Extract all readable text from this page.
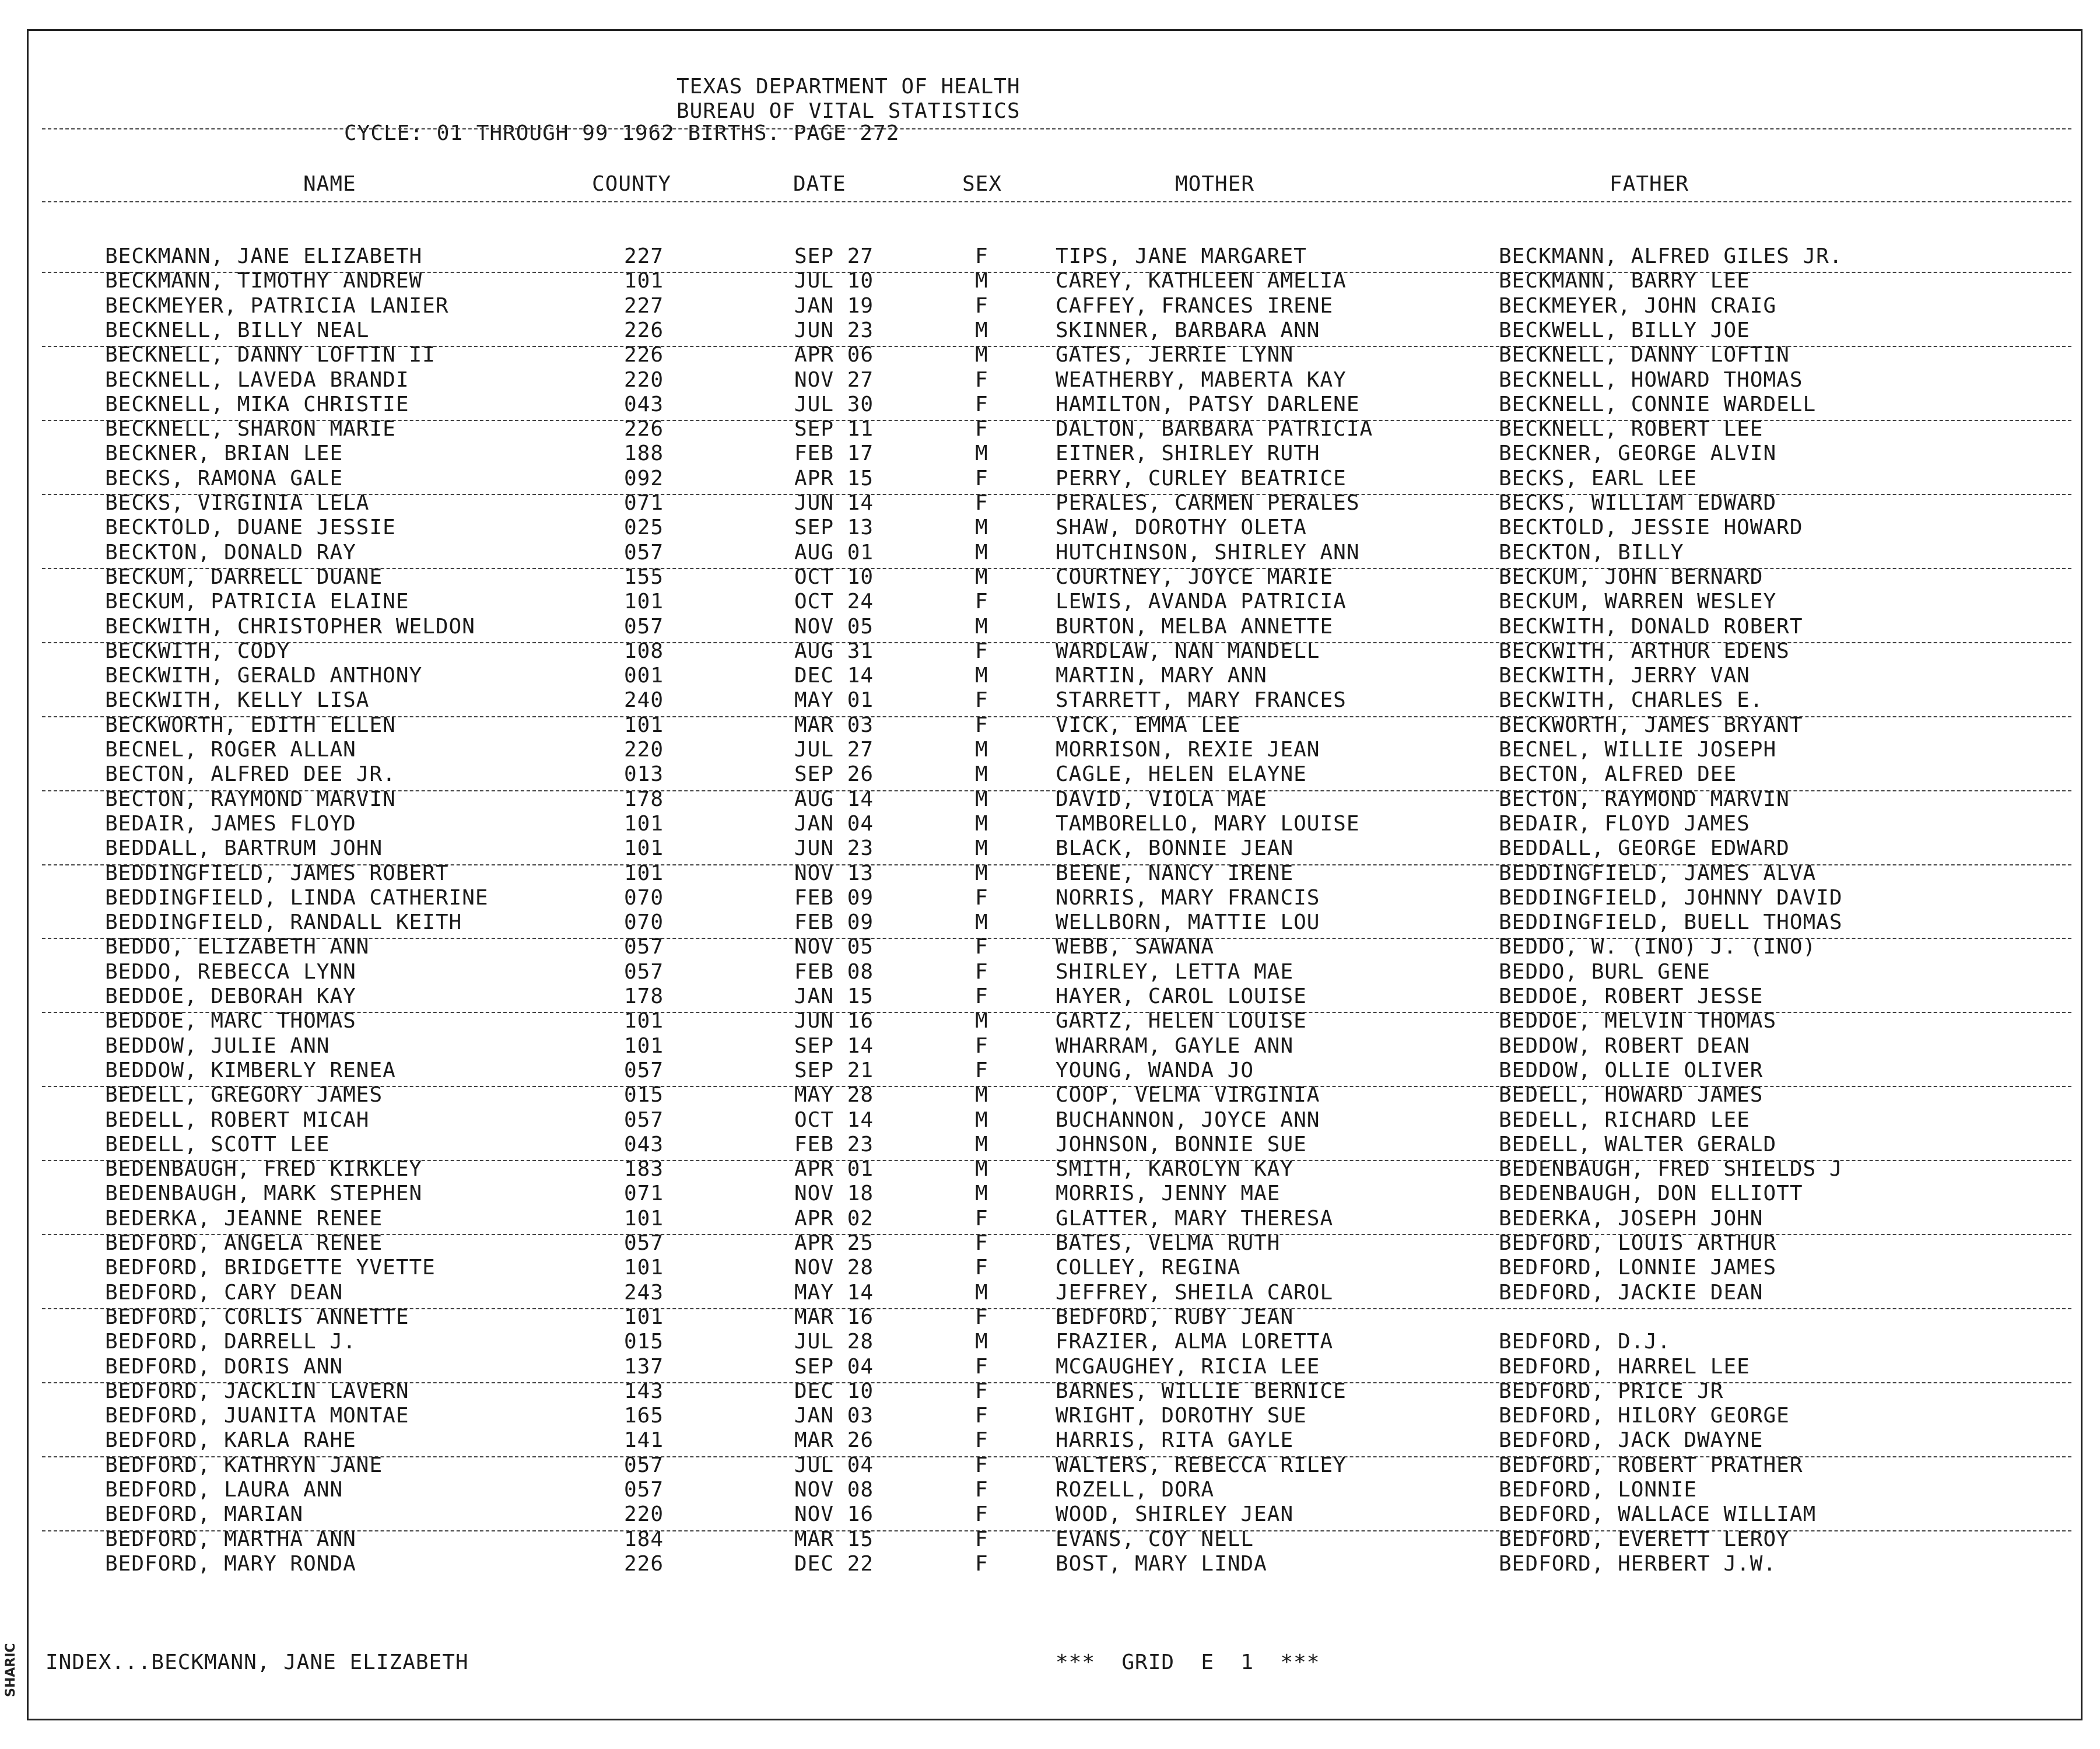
SHARIC
TEXAS DEPARTMENT OF HEALTH
BUREAU OF VITAL STATISTICS
CYCLE: 01 THROUGH 99 1962 BIRTHS. PAGE 272
NAME	COUNTY	DATE	SEX	MOTHER	FATHER
BECKMANN, JANE ELIZABETH	227	SEP 27	F	TIPS, JANE MARGARET	BECKMANN, ALFRED GILES JR.
BECKMANN, TIMOTHY ANDREW	101	JUL 10	M	CAREY, KATHLEEN AMELIA	BECKMANN, BARRY LEE
BECKMEYER, PATRICIA LANIER	227	JAN 19	F	CAFFEY, FRANCES IRENE	BECKMEYER, JOHN CRAIG
BECKNELL, BILLY NEAL	226	JUN 23	M	SKINNER, BARBARA ANN	BECKWELL, BILLY JOE
BECKNELL, DANNY LOFTIN II	226	APR 06	M	GATES, JERRIE LYNN	BECKNELL, DANNY LOFTIN
BECKNELL, LAVEDA BRANDI	220	NOV 27	F	WEATHERBY, MABERTA KAY	BECKNELL, HOWARD THOMAS
BECKNELL, MIKA CHRISTIE	043	JUL 30	F	HAMILTON, PATSY DARLENE	BECKNELL, CONNIE WARDELL
BECKNELL, SHARON MARIE	226	SEP 11	F	DALTON, BARBARA PATRICIA	BECKNELL, ROBERT LEE
BECKNER, BRIAN LEE	188	FEB 17	M	EITNER, SHIRLEY RUTH	BECKNER, GEORGE ALVIN
BECKS, RAMONA GALE	092	APR 15	F	PERRY, CURLEY BEATRICE	BECKS, EARL LEE
BECKS, VIRGINIA LELA	071	JUN 14	F	PERALES, CARMEN PERALES	BECKS, WILLIAM EDWARD
BECKTOLD, DUANE JESSIE	025	SEP 13	M	SHAW, DOROTHY OLETA	BECKTOLD, JESSIE HOWARD
BECKTON, DONALD RAY	057	AUG 01	M	HUTCHINSON, SHIRLEY ANN	BECKTON, BILLY
BECKUM, DARRELL DUANE	155	OCT 10	M	COURTNEY, JOYCE MARIE	BECKUM, JOHN BERNARD
BECKUM, PATRICIA ELAINE	101	OCT 24	F	LEWIS, AVANDA PATRICIA	BECKUM, WARREN WESLEY
BECKWITH, CHRISTOPHER WELDON	057	NOV 05	M	BURTON, MELBA ANNETTE	BECKWITH, DONALD ROBERT
BECKWITH, CODY	108	AUG 31	F	WARDLAW, NAN MANDELL	BECKWITH, ARTHUR EDENS
BECKWITH, GERALD ANTHONY	001	DEC 14	M	MARTIN, MARY ANN	BECKWITH, JERRY VAN
BECKWITH, KELLY LISA	240	MAY 01	F	STARRETT, MARY FRANCES	BECKWITH, CHARLES E.
BECKWORTH, EDITH ELLEN	101	MAR 03	F	VICK, EMMA LEE	BECKWORTH, JAMES BRYANT
BECNEL, ROGER ALLAN	220	JUL 27	M	MORRISON, REXIE JEAN	BECNEL, WILLIE JOSEPH
BECTON, ALFRED DEE JR.	013	SEP 26	M	CAGLE, HELEN ELAYNE	BECTON, ALFRED DEE
BECTON, RAYMOND MARVIN	178	AUG 14	M	DAVID, VIOLA MAE	BECTON, RAYMOND MARVIN
BEDAIR, JAMES FLOYD	101	JAN 04	M	TAMBORELLO, MARY LOUISE	BEDAIR, FLOYD JAMES
BEDDALL, BARTRUM JOHN	101	JUN 23	M	BLACK, BONNIE JEAN	BEDDALL, GEORGE EDWARD
BEDDINGFIELD, JAMES ROBERT	101	NOV 13	M	BEENE, NANCY IRENE	BEDDINGFIELD, JAMES ALVA
BEDDINGFIELD, LINDA CATHERINE	070	FEB 09	F	NORRIS, MARY FRANCIS	BEDDINGFIELD, JOHNNY DAVID
BEDDINGFIELD, RANDALL KEITH	070	FEB 09	M	WELLBORN, MATTIE LOU	BEDDINGFIELD, BUELL THOMAS
BEDDO, ELIZABETH ANN	057	NOV 05	F	WEBB, SAWANA	BEDDO, W. (INO) J. (INO)
BEDDO, REBECCA LYNN	057	FEB 08	F	SHIRLEY, LETTA MAE	BEDDO, BURL GENE
BEDDOE, DEBORAH KAY	178	JAN 15	F	HAYER, CAROL LOUISE	BEDDOE, ROBERT JESSE
BEDDOE, MARC THOMAS	101	JUN 16	M	GARTZ, HELEN LOUISE	BEDDOE, MELVIN THOMAS
BEDDOW, JULIE ANN	101	SEP 14	F	WHARRAM, GAYLE ANN	BEDDOW, ROBERT DEAN
BEDDOW, KIMBERLY RENEA	057	SEP 21	F	YOUNG, WANDA JO	BEDDOW, OLLIE OLIVER
BEDELL, GREGORY JAMES	015	MAY 28	M	COOP, VELMA VIRGINIA	BEDELL, HOWARD JAMES
BEDELL, ROBERT MICAH	057	OCT 14	M	BUCHANNON, JOYCE ANN	BEDELL, RICHARD LEE
BEDELL, SCOTT LEE	043	FEB 23	M	JOHNSON, BONNIE SUE	BEDELL, WALTER GERALD
BEDENBAUGH, FRED KIRKLEY	183	APR 01	M	SMITH, KAROLYN KAY	BEDENBAUGH, FRED SHIELDS J
BEDENBAUGH, MARK STEPHEN	071	NOV 18	M	MORRIS, JENNY MAE	BEDENBAUGH, DON ELLIOTT
BEDERKA, JEANNE RENEE	101	APR 02	F	GLATTER, MARY THERESA	BEDERKA, JOSEPH JOHN
BEDFORD, ANGELA RENEE	057	APR 25	F	BATES, VELMA RUTH	BEDFORD, LOUIS ARTHUR
BEDFORD, BRIDGETTE YVETTE	101	NOV 28	F	COLLEY, REGINA	BEDFORD, LONNIE JAMES
BEDFORD, CARY DEAN	243	MAY 14	M	JEFFREY, SHEILA CAROL	BEDFORD, JACKIE DEAN
BEDFORD, CORLIS ANNETTE	101	MAR 16	F	BEDFORD, RUBY JEAN
BEDFORD, DARRELL J.	015	JUL 28	M	FRAZIER, ALMA LORETTA	BEDFORD, D.J.
BEDFORD, DORIS ANN	137	SEP 04	F	MCGAUGHEY, RICIA LEE	BEDFORD, HARREL LEE
BEDFORD, JACKLIN LAVERN	143	DEC 10	F	BARNES, WILLIE BERNICE	BEDFORD, PRICE JR
BEDFORD, JUANITA MONTAE	165	JAN 03	F	WRIGHT, DOROTHY SUE	BEDFORD, HILORY GEORGE
BEDFORD, KARLA RAHE	141	MAR 26	F	HARRIS, RITA GAYLE	BEDFORD, JACK DWAYNE
BEDFORD, KATHRYN JANE	057	JUL 04	F	WALTERS, REBECCA RILEY	BEDFORD, ROBERT PRATHER
BEDFORD, LAURA ANN	057	NOV 08	F	ROZELL, DORA	BEDFORD, LONNIE
BEDFORD, MARIAN	220	NOV 16	F	WOOD, SHIRLEY JEAN	BEDFORD, WALLACE WILLIAM
BEDFORD, MARTHA ANN	184	MAR 15	F	EVANS, COY NELL	BEDFORD, EVERETT LEROY
BEDFORD, MARY RONDA	226	DEC 22	F	BOST, MARY LINDA	BEDFORD, HERBERT J.W.
INDEX...BECKMANN, JANE ELIZABETH	***  GRID  E  1  ***
